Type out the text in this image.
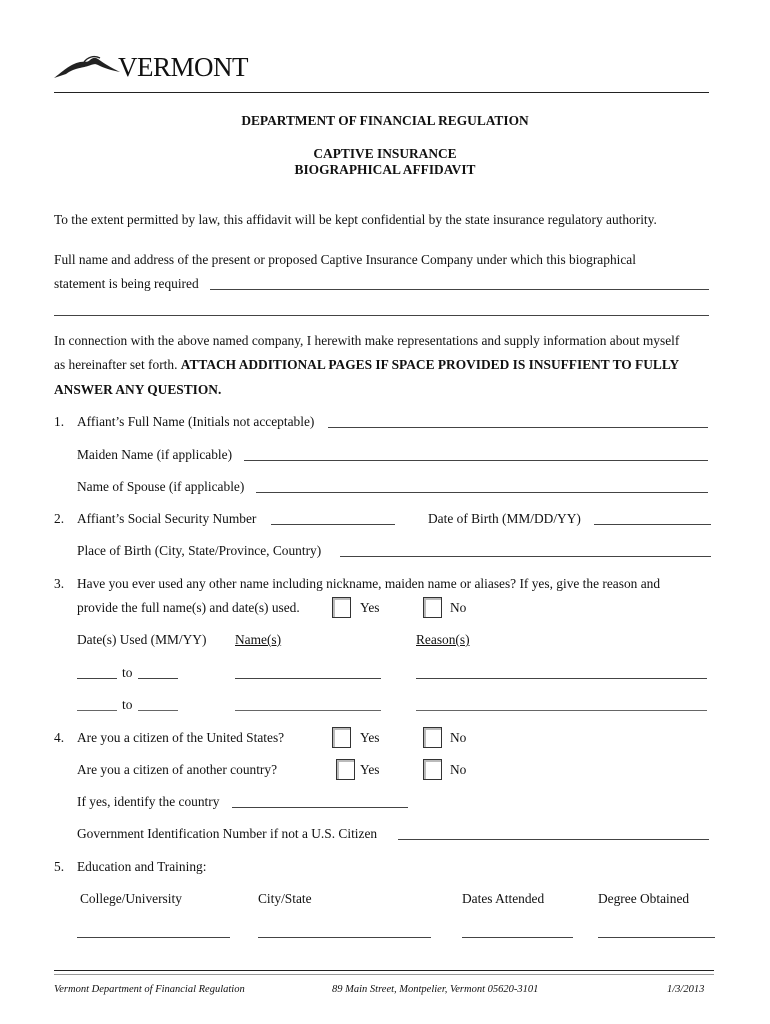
VERMONT
DEPARTMENT OF FINANCIAL REGULATION
CAPTIVE INSURANCE
BIOGRAPHICAL AFFIDAVIT
To the extent permitted by law, this affidavit will be kept confidential by the state insurance regulatory authority.
Full name and address of the present or proposed Captive Insurance Company under which this biographical
statement is being required
In connection with the above named company, I herewith make representations and supply information about myself
as hereinafter set forth. ATTACH ADDITIONAL PAGES IF SPACE PROVIDED IS INSUFFIENT TO FULLY
ANSWER ANY QUESTION.
1. Affiant’s Full Name (Initials not acceptable)
Maiden Name (if applicable)
Name of Spouse (if applicable)
2. Affiant’s Social Security Number	Date of Birth (MM/DD/YY)
Place of Birth (City, State/Province, Country)
3. Have you ever used any other name including nickname, maiden name or aliases? If yes, give the reason and
provide the full name(s) and date(s) used.	Yes	No
Date(s) Used (MM/YY) Name(s)	Reason(s)
to
to
4. Are you a citizen of the United States?	Yes	No
Are you a citizen of another country?	Yes	No
If yes, identify the country
Government Identification Number if not a U.S. Citizen
5. Education and Training:
College/University	City/State	Dates Attended	Degree Obtained
Vermont Department of Financial Regulation	89 Main Street, Montpelier, Vermont 05620-3101	1/3/2013
